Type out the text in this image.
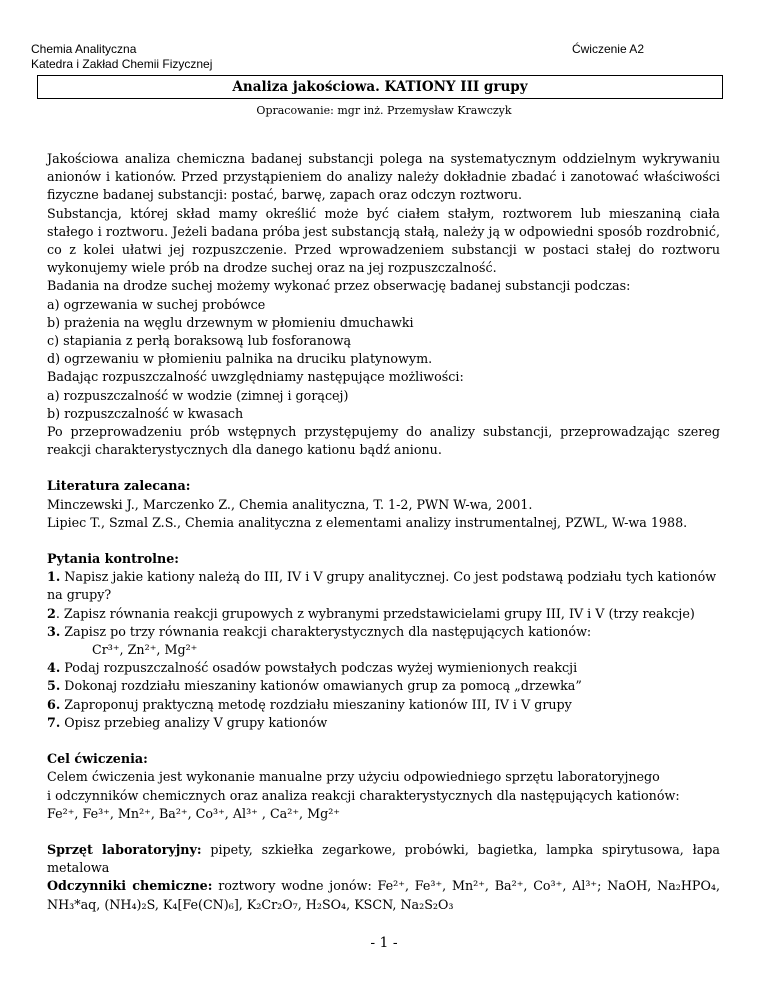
Chemia Analityczna
Katedra i Zakład Chemii Fizycznej
Ćwiczenie A2
Analiza jakościowa. KATIONY III grupy
Opracowanie: mgr inż. Przemysław Krawczyk

Jakościowa analiza chemiczna badanej substancji polega na systematycznym oddzielnym wykrywaniu anionów i kationów. Przed przystąpieniem do analizy należy dokładnie zbadać i zanotować właściwości fizyczne badanej substancji: postać, barwę, zapach oraz odczyn roztworu.

Substancja, której skład mamy określić może być ciałem stałym, roztworem lub mieszaniną ciała stałego i roztworu. Jeżeli badana próba jest substancją stałą, należy ją w odpowiedni sposób rozdrobnić, co z kolei ułatwi jej rozpuszczenie. Przed wprowadzeniem substancji w postaci stałej do roztworu wykonujemy wiele prób na drodze suchej oraz na jej rozpuszczalność.

Badania na drodze suchej możemy wykonać przez obserwację badanej substancji podczas:

a) ogrzewania w suchej probówce

b) prażenia na węglu drzewnym w płomieniu dmuchawki

c) stapiania z perłą boraksową lub fosforanową

d) ogrzewaniu w płomieniu palnika na druciku platynowym.

Badając rozpuszczalność uwzględniamy następujące możliwości:

a) rozpuszczalność w wodzie (zimnej i gorącej)

b) rozpuszczalność w kwasach

Po przeprowadzeniu prób wstępnych przystępujemy do analizy substancji, przeprowadzając szereg reakcji charakterystycznych dla danego kationu bądź anionu.

Literatura zalecana:

Minczewski J., Marczenko Z., Chemia analityczna, T. 1-2, PWN W-wa, 2001.

Lipiec T., Szmal Z.S., Chemia analityczna z elementami analizy instrumentalnej, PZWL, W-wa 1988.

Pytania kontrolne:

1. Napisz jakie kationy należą do III, IV i V grupy analitycznej. Co jest podstawą podziału tych kationów na grupy?

2. Zapisz równania reakcji grupowych z wybranymi przedstawicielami grupy III, IV i V (trzy reakcje)

3. Zapisz po trzy równania reakcji charakterystycznych dla następujących kationów:

Cr³⁺, Zn²⁺, Mg²⁺

4. Podaj rozpuszczalność osadów powstałych podczas wyżej wymienionych reakcji

5. Dokonaj rozdziału mieszaniny kationów omawianych grup za pomocą „drzewka”

6. Zaproponuj praktyczną metodę rozdziału mieszaniny kationów III, IV i V grupy

7. Opisz przebieg analizy V grupy kationów

Cel ćwiczenia:

Celem ćwiczenia jest wykonanie manualne przy użyciu odpowiedniego sprzętu laboratoryjnego

i odczynników chemicznych oraz analiza reakcji charakterystycznych dla następujących kationów:

Fe²⁺, Fe³⁺, Mn²⁺, Ba²⁺, Co³⁺, Al³⁺ , Ca²⁺, Mg²⁺

Sprzęt laboratoryjny: pipety, szkiełka zegarkowe, probówki, bagietka, lampka spirytusowa, łapa metalowa

Odczynniki chemiczne: roztwory wodne jonów: Fe²⁺, Fe³⁺, Mn²⁺, Ba²⁺, Co³⁺, Al³⁺; NaOH, Na₂HPO₄,

NH₃*aq, (NH₄)₂S, K₄[Fe(CN)₆], K₂Cr₂O₇, H₂SO₄, KSCN, Na₂S₂O₃

- 1 -
